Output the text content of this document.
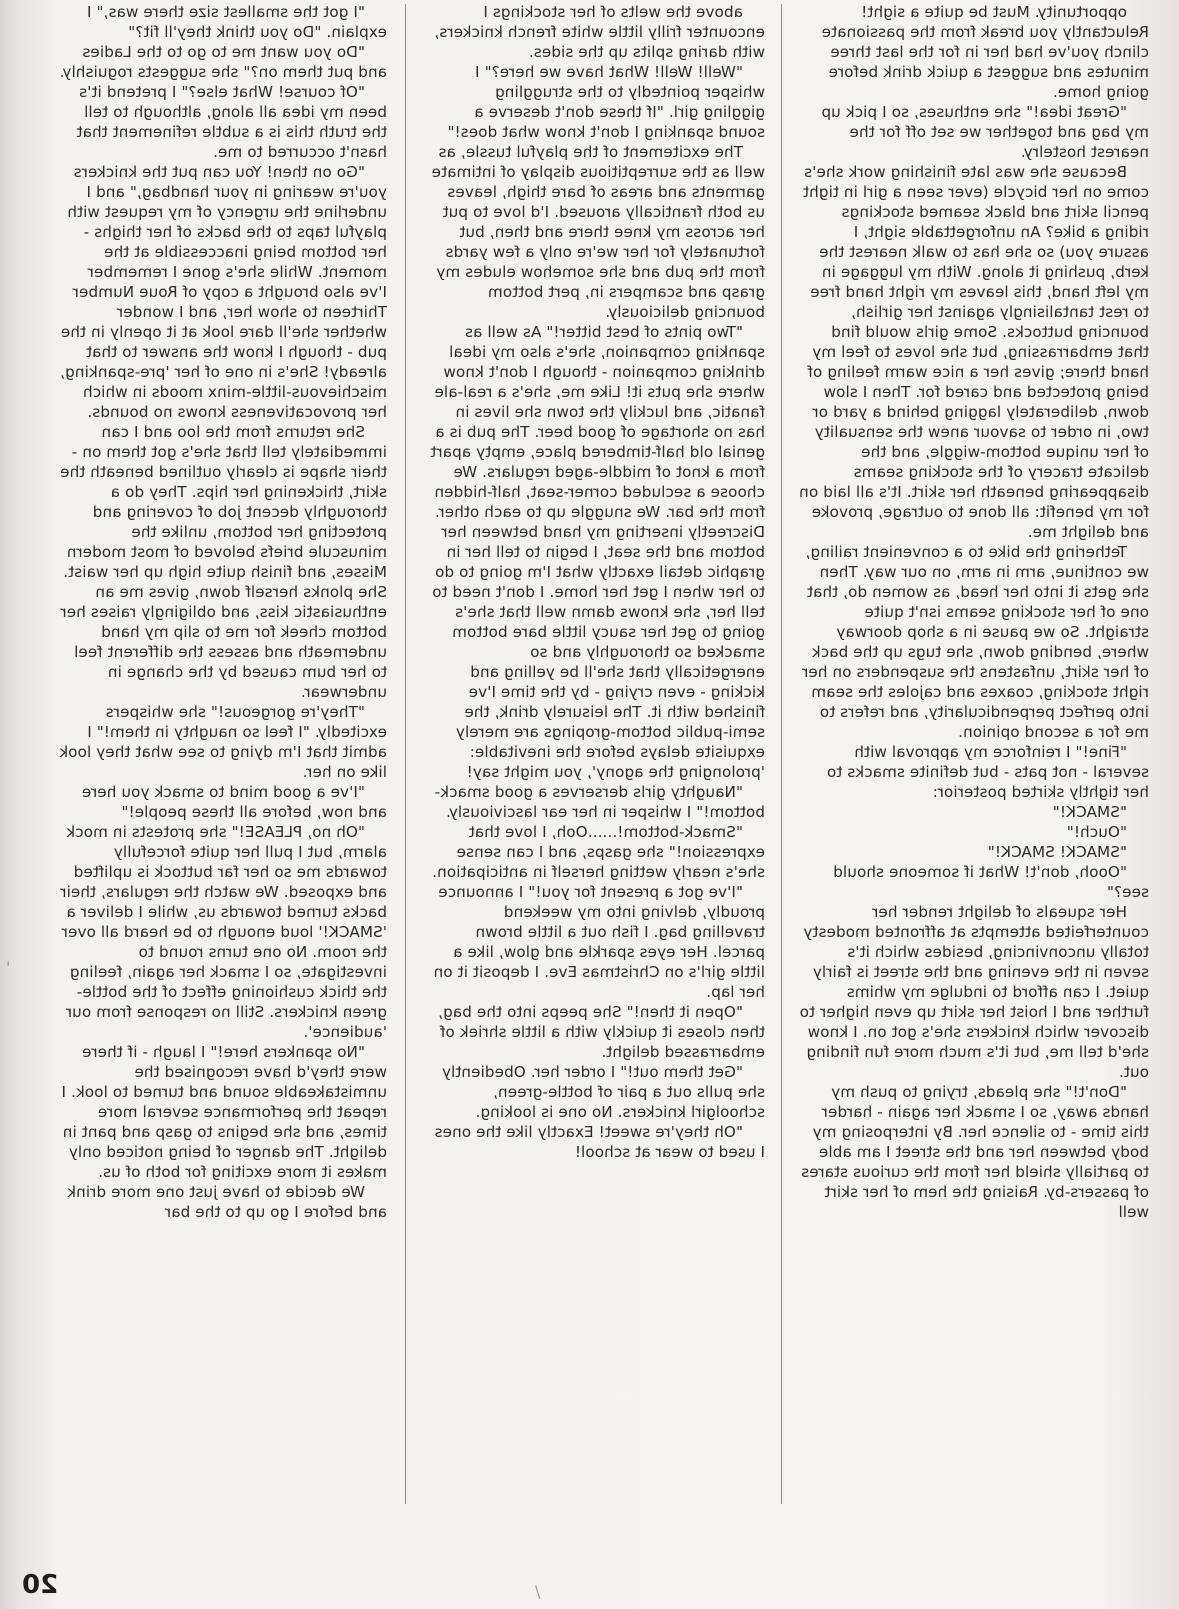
opportunity. Must be quite a sight! Reluctantly you break from the passionate clinch you've had her in for the last three minutes and suggest a quick drink before going home.

"Great idea!" she enthuses, so I pick up my bag and together we set off for the nearest hostelry.

Because she was late finishing work she's come on her bicycle (ever seen a girl in tight pencil skirt and black seamed stockings riding a bike? An unforgettable sight, I assure you) so she has to walk nearest the kerb, pushing it along. With my luggage in my left hand, this leaves my right hand free to rest tantalisingly against her girlish, bouncing buttocks. Some girls would find that embarrassing, but she loves to feel my hand there; gives her a nice warm feeling of being protected and cared for. Then I slow down, deliberately lagging behind a yard or two, in order to savour anew the sensuality of her unique bottom-wiggle, and the delicate tracery of the stocking seams disappearing beneath her skirt. It's all laid on for my benefit: all done to outrage, provoke and delight me.

Tethering the bike to a convenient railing, we continue, arm in arm, on our way. Then she gets it into her head, as women do, that one of her stocking seams isn't quite straight. So we pause in a shop doorway where, bending down, she tugs up the back of her skirt, unfastens the suspenders on her right stocking, coaxes and cajoles the seam into perfect perpendicularity, and refers to me for a second opinion.

"Fine!" I reinforce my approval with several - not pats - but definite smacks to her tightly skirted posterior:

"SMACK!"

"Ouch!"

"SMACK! SMACK!"

"Oooh, don't! What if someone should see?"

Her squeals of delight render her counterfeited attempts at affronted modesty totally unconvincing, besides which it's seven in the evening and the street is fairly quiet. I can afford to indulge my whims further and I hoist her skirt up even higher to discover which knickers she's got on. I know she'd tell me, but it's much more fun finding out.

"Don't!" she pleads, trying to push my hands away, so I smack her again - harder this time - to silence her. By interposing my body between her and the street I am able to partially shield her from the curious stares of passers-by. Raising the hem of her skirt well

above the welts of her stockings I encounter frilly little white french knickers, with daring splits up the sides.

"Well! Well! What have we here?" I whisper pointedly to the struggling giggling girl. "If these don't deserve a sound spanking I don't know what does!"

The excitement of the playful tussle, as well as the surreptitious display of intimate garments and areas of bare thigh, leaves us both frantically aroused. I'd love to put her across my knee there and then, but fortunately for her we're only a few yards from the pub and she somehow eludes my grasp and scampers in, pert bottom bouncing deliciously.

"Two pints of best bitter!" As well as spanking companion, she's also my ideal drinking companion - though I don't know where she puts it! Like me, she's a real-ale fanatic, and luckily the town she lives in has no shortage of good beer. The pub is a genial old half-timbered place, empty apart from a knot of middle-aged regulars. We choose a secluded corner-seat, half-hidden from the bar. We snuggle up to each other. Discreetly inserting my hand between her bottom and the seat, I begin to tell her in graphic detail exactly what I'm going to do to her when I get her home. I don't need to tell her, she knows damn well that she's going to get her saucy little bare bottom smacked so thoroughly and so energetically that she'll be yelling and kicking - even crying - by the time I've finished with it. The leisurely drink, the semi-public bottom-gropings are merely exquisite delays before the inevitable: 'prolonging the agony', you might say!

"Naughty girls derserves a good smack-bottom!" I whisper in her ear lasciviously.

"Smack-bottom!......Ooh, I love that expression!" she gasps, and I can sense she's nearly wetting herself in anticipation.

"I've got a present for you!" I announce proudly, delving into my weekend travelling bag. I fish out a little brown parcel. Her eyes sparkle and glow, like a little girl's on Christmas Eve. I deposit it on her lap.

"Open it then!" She peeps into the bag, then closes it quickly with a little shriek of embarrassed delight.

"Get them out!" I order her. Obediently she pulls out a pair of bottle-green, schoolgirl knickers. No one is looking.

"Oh they're sweet! Exactly like the ones I used to wear at school!

"I got the smallest size there was," I explain. "Do you think they'll fit?"

"Do you want me to go to the Ladies and put them on?" she suggests roguishly.

"Of course! What else?" I pretend it's been my idea all along, although to tell the truth this is a subtle refinement that hasn't occurred to me.

"Go on then! You can put the knickers you're wearing in your handbag," and I underline the urgency of my request with playful taps to the backs of her thighs - her bottom being inaccessible at the moment. While she's gone I remember I've also brought a copy of Roue Number Thirteen to show her, and I wonder whether she'll dare look at it openly in the pub - though I know the answer to that already! She's in one of her 'pre-spanking, mischievous-little-minx moods in which her provocativeness knows no bounds.

She returns from the loo and I can immediately tell that she's got them on - their shape is clearly outlined beneath the skirt, thickening her hips. They do a thoroughly decent job of covering and protecting her bottom, unlike the minuscule briefs beloved of most modern Misses, and finish quite high up her waist. She plonks herself down, gives me an enthusiastic kiss, and obligingly raises her bottom cheek for me to slip my hand underneath and assess the different feel to her bum caused by the change in underwear.

"They're gorgeous!" she whispers excitedly. "I feel so naughty in them!" I admit that I'm dying to see what they look like on her.

"I've a good mind to smack you here and now, before all these people!"

"Oh no, PLEASE!" she protests in mock alarm, but I pull her quite forcefully towards me so her far buttock is uplifted and exposed. We watch the regulars, their backs turned towards us, while I deliver a 'SMACK!' loud enough to be heard all over the room. No one turns round to investigate, so I smack her again, feeling the thick cushioning effect of the bottle-green knickers. Still no response from our 'audience'.

"No spankers here!" I laugh - if there were they'd have recognised the unmistakeable sound and turned to look. I repeat the performance several more times, and she begins to gasp and pant in delight. The danger of being noticed only makes it more exciting for both of us.

We decide to have just one more drink and before I go up to the bar

20	\
'
